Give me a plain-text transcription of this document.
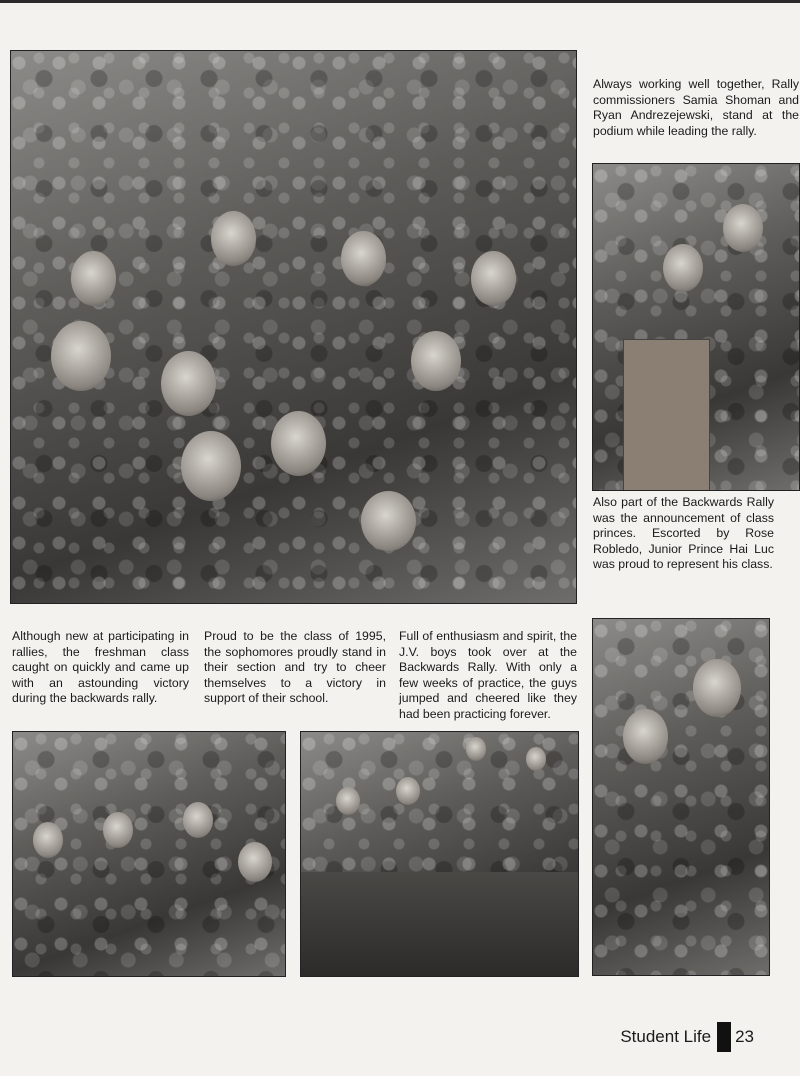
Always working well together, Rally commissioners Samia Shoman and Ryan Andrezejewski, stand at the podium while leading the rally.

Also part of the Backwards Rally was the announcement of class princes. Escorted by Rose Robledo, Junior Prince Hai Luc was proud to represent his class.

Although new at participating in rallies, the freshman class caught on quickly and came up with an astounding victory during the backwards rally.

Proud to be the class of 1995, the sophomores proudly stand in their section and try to cheer themselves to a victory in support of their school.

Full of enthusiasm and spirit, the J.V. boys took over at the Backwards Rally. With only a few weeks of practice, the guys jumped and cheered like they had been practicing forever.

Student Life 23
